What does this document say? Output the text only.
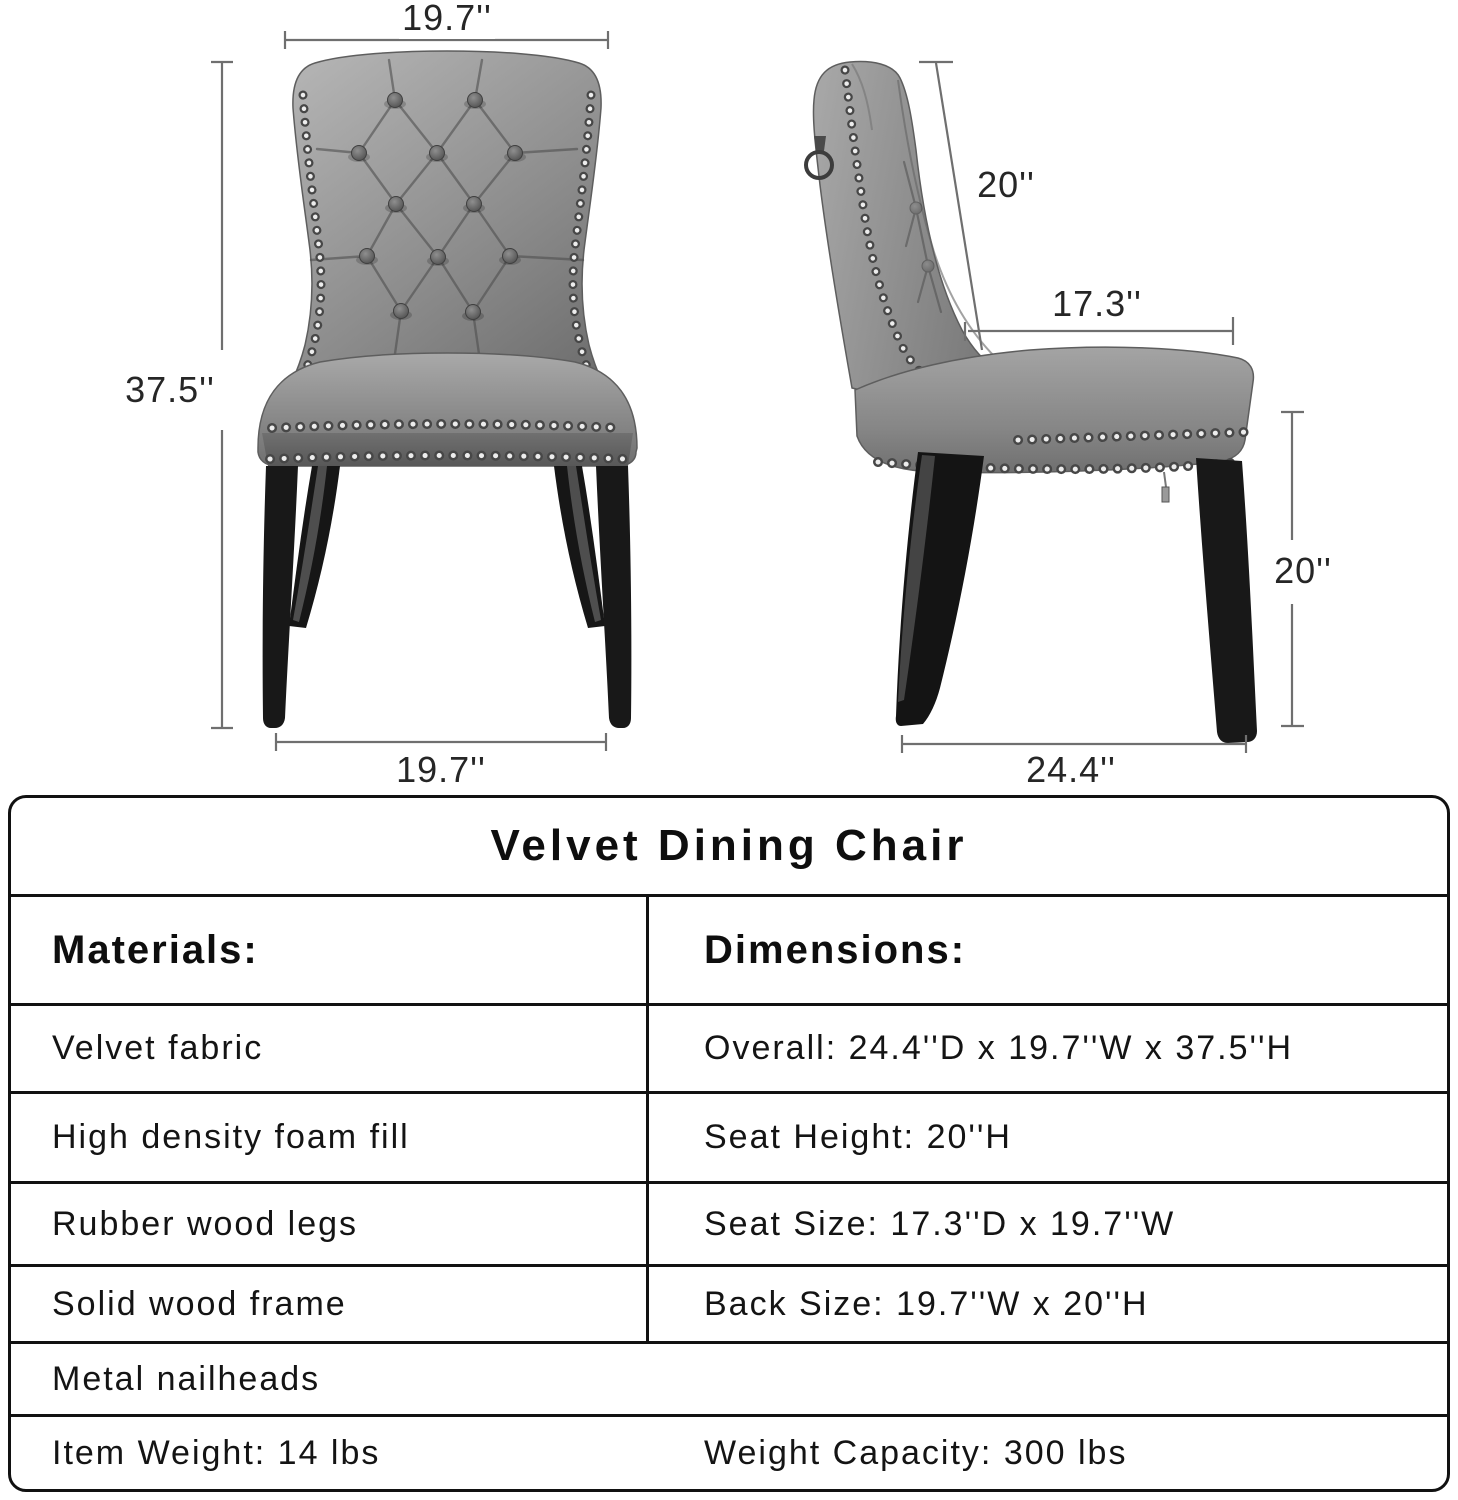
19.7''
37.5''
19.7''
20''
17.3''
20''
24.4''
Velvet Dining Chair
Materials:	Dimensions:
Velvet fabric	Overall: 24.4''D x 19.7''W x 37.5''H
High density foam fill	Seat Height: 20''H
Rubber wood legs	Seat Size: 17.3''D x 19.7''W
Solid wood frame	Back Size: 19.7''W x 20''H
Metal nailheads
Item Weight: 14 lbs	Weight Capacity: 300 lbs
